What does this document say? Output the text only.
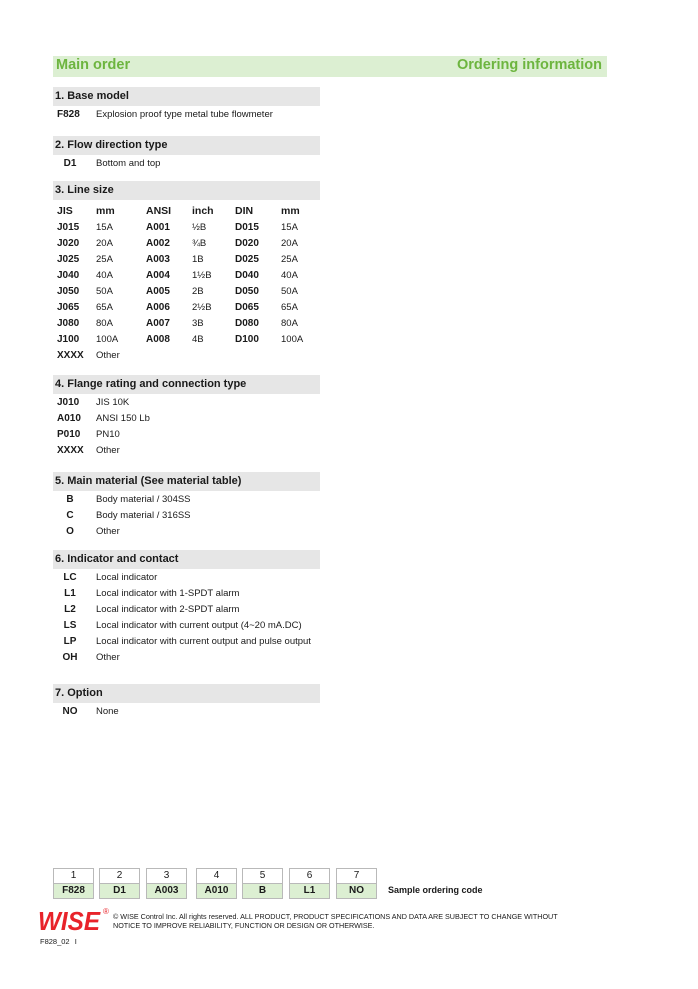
Main order	Ordering information
1. Base model
F828 Explosion proof type metal tube flowmeter
2. Flow direction type
D1	Bottom and top
3. Line size
JIS mm	ANSI inch DIN	mm
J015 15A	A001 ½B	D015 15A
J020 20A	A002 ¾B	D020 20A
J025 25A	A003 1B	D025 25A
J040 40A	A004 1½B D040 40A
J050 50A	A005 2B	D050 50A
J065 65A	A006 2½B D065 65A
J080 80A	A007 3B	D080 80A
J100 100A	A008 4B	D100 100A
XXXX Other
4. Flange rating and connection type
J010 JIS 10K
A010 ANSI 150 Lb
P010 PN10
XXXX Other
5. Main material (See material table)
B	Body material / 304SS
C	Body material / 316SS
O	Other
6. Indicator and contact
LC	Local indicator
L1	Local indicator with 1-SPDT alarm
L2	Local indicator with 2-SPDT alarm
LS	Local indicator with current output (4~20 mA.DC)
LP	Local indicator with current output and pulse output
OH	Other
7. Option
NO	None
1
F828
2
D1
3
A003
4
A010
5
B
6
L1
7
NO	Sample ordering code
WISE ®
© WISE Control Inc. All rights reserved. ALL PRODUCT, PRODUCT SPECIFICATIONS AND DATA ARE SUBJECT TO CHANGE WITHOUT
NOTICE TO IMPROVE RELIABILITY, FUNCTION OR DESIGN OR OTHERWISE.
F828_02 I
